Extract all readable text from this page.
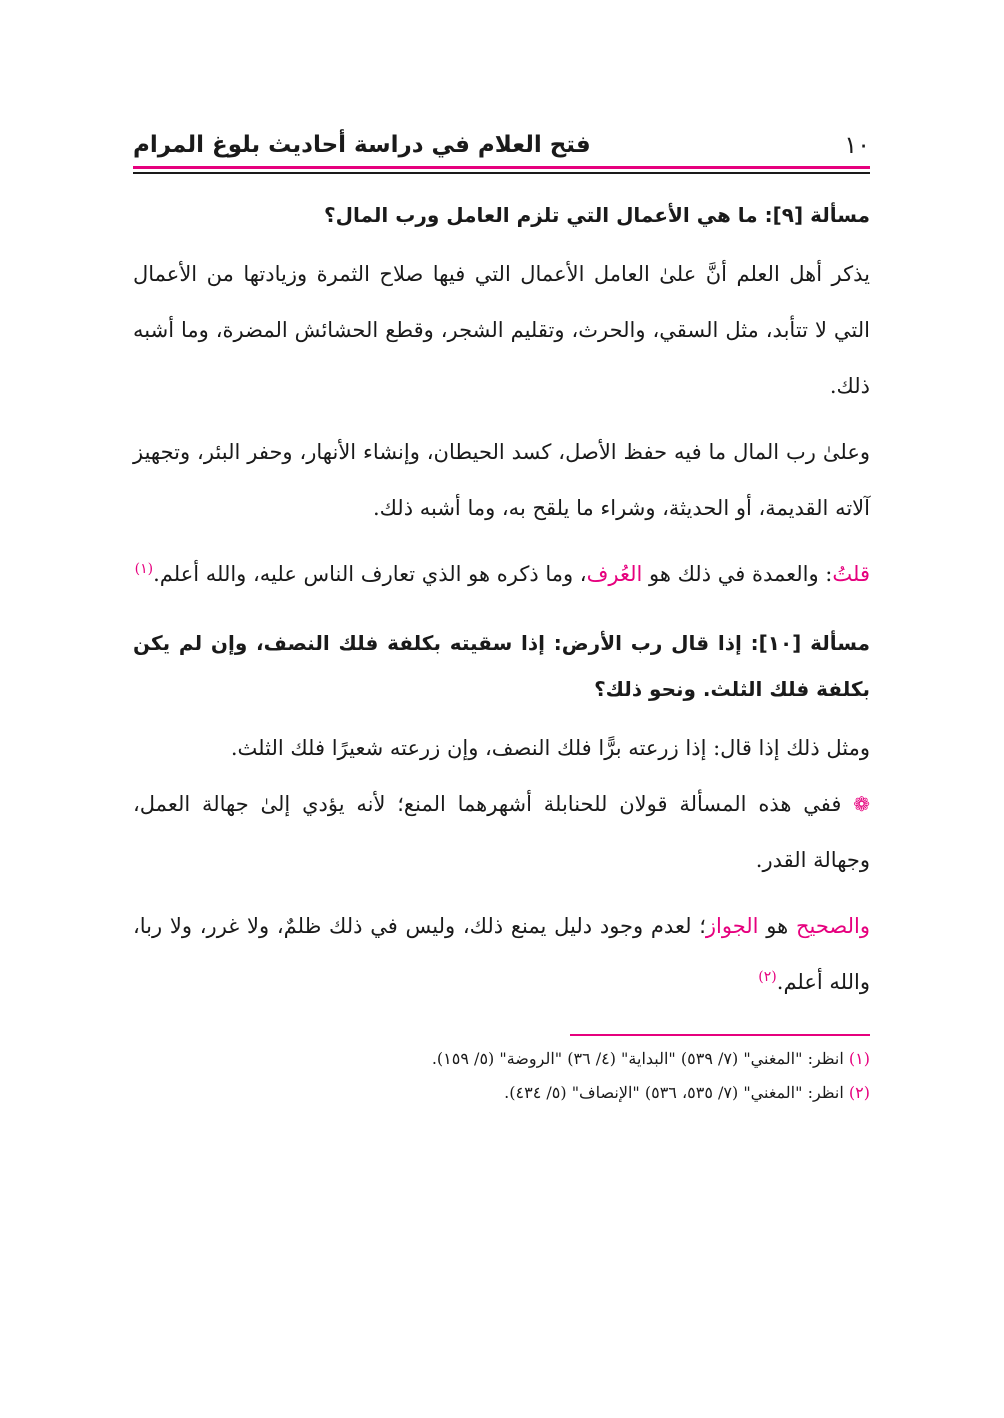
١٠
فتح العلام في دراسة أحاديث بلوغ المرام
مسألة [٩]: ما هي الأعمال التي تلزم العامل ورب المال؟

يذكر أهل العلم أنَّ علىٰ العامل الأعمال التي فيها صلاح الثمرة وزيادتها من الأعمال التي لا تتأبد، مثل السقي، والحرث، وتقليم الشجر، وقطع الحشائش المضرة، وما أشبه ذلك.

وعلىٰ رب المال ما فيه حفظ الأصل، كسد الحيطان، وإنشاء الأنهار، وحفر البئر، وتجهيز آلاته القديمة، أو الحديثة، وشراء ما يلقح به، وما أشبه ذلك.

قلتُ: والعمدة في ذلك هو العُرف، وما ذكره هو الذي تعارف الناس عليه، والله أعلم.$^{(١)}$

مسألة [١٠]: إذا قال رب الأرض: إذا سقيته بكلفة فلك النصف، وإن لم يكن بكلفة فلك الثلث. ونحو ذلك؟

ومثل ذلك إذا قال: إذا زرعته برًّا فلك النصف، وإن زرعته شعيرًا فلك الثلث.

❁ ففي هذه المسألة قولان للحنابلة أشهرهما المنع؛ لأنه يؤدي إلىٰ جهالة العمل، وجهالة القدر.

والصحيح هو الجواز؛ لعدم وجود دليل يمنع ذلك، وليس في ذلك ظلمٌ، ولا غرر، ولا ربا، والله أعلم.$^{(٢)}$

(١) انظر: "المغني" (٧/ ٥٣٩) "البداية" (٤/ ٣٦) "الروضة" (٥/ ١٥٩).
(٢) انظر: "المغني" (٧/ ٥٣٥، ٥٣٦) "الإنصاف" (٥/ ٤٣٤).
